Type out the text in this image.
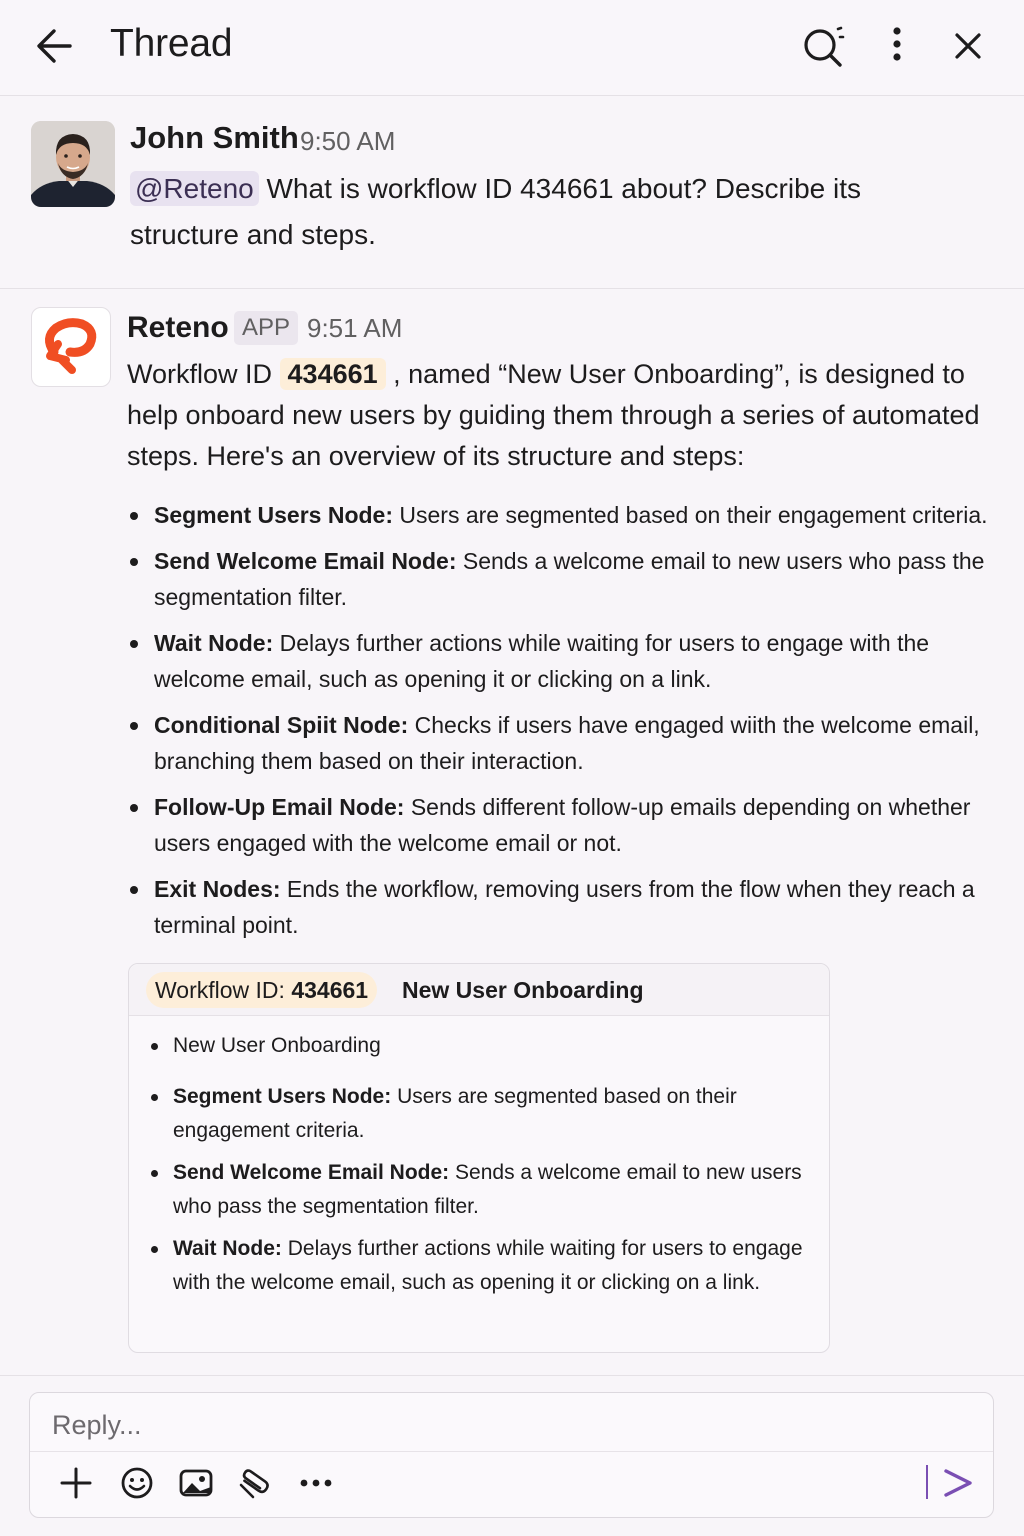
Thread
John Smith 9:50 AM
@Reteno What is workflow ID 434661 about? Describe its
structure and steps.
Reteno APP 9:51 AM
Workflow ID 434661 , named “New User Onboarding”, is designed to help onboard new users by guiding them through a series of automated steps. Here's an overview of its structure and steps:
Segment Users Node: Users are segmented based on their engagement criteria.
Send Welcome Email Node: Sends a welcome email to new users who pass the segmentation filter.
Wait Node: Delays further actions while waiting for users to engage with the welcome email, such as opening it or clicking on a link.
Conditional Spiit Node: Checks if users have engaged wiith the welcome email, branching them based on their interaction.
Follow-Up Email Node: Sends different follow-up emails depending on whether users engaged with the welcome email or not.
Exit Nodes: Ends the workflow, removing users from the flow when they reach a terminal point.
Workflow ID: 434661	New User Onboarding
New User Onboarding
Segment Users Node: Users are segmented based on their engagement criteria.
Send Welcome Email Node: Sends a welcome email to new users who pass the segmentation filter.
Wait Node: Delays further actions while waiting for users to engage with the welcome email, such as opening it or clicking on a link.
Reply...
